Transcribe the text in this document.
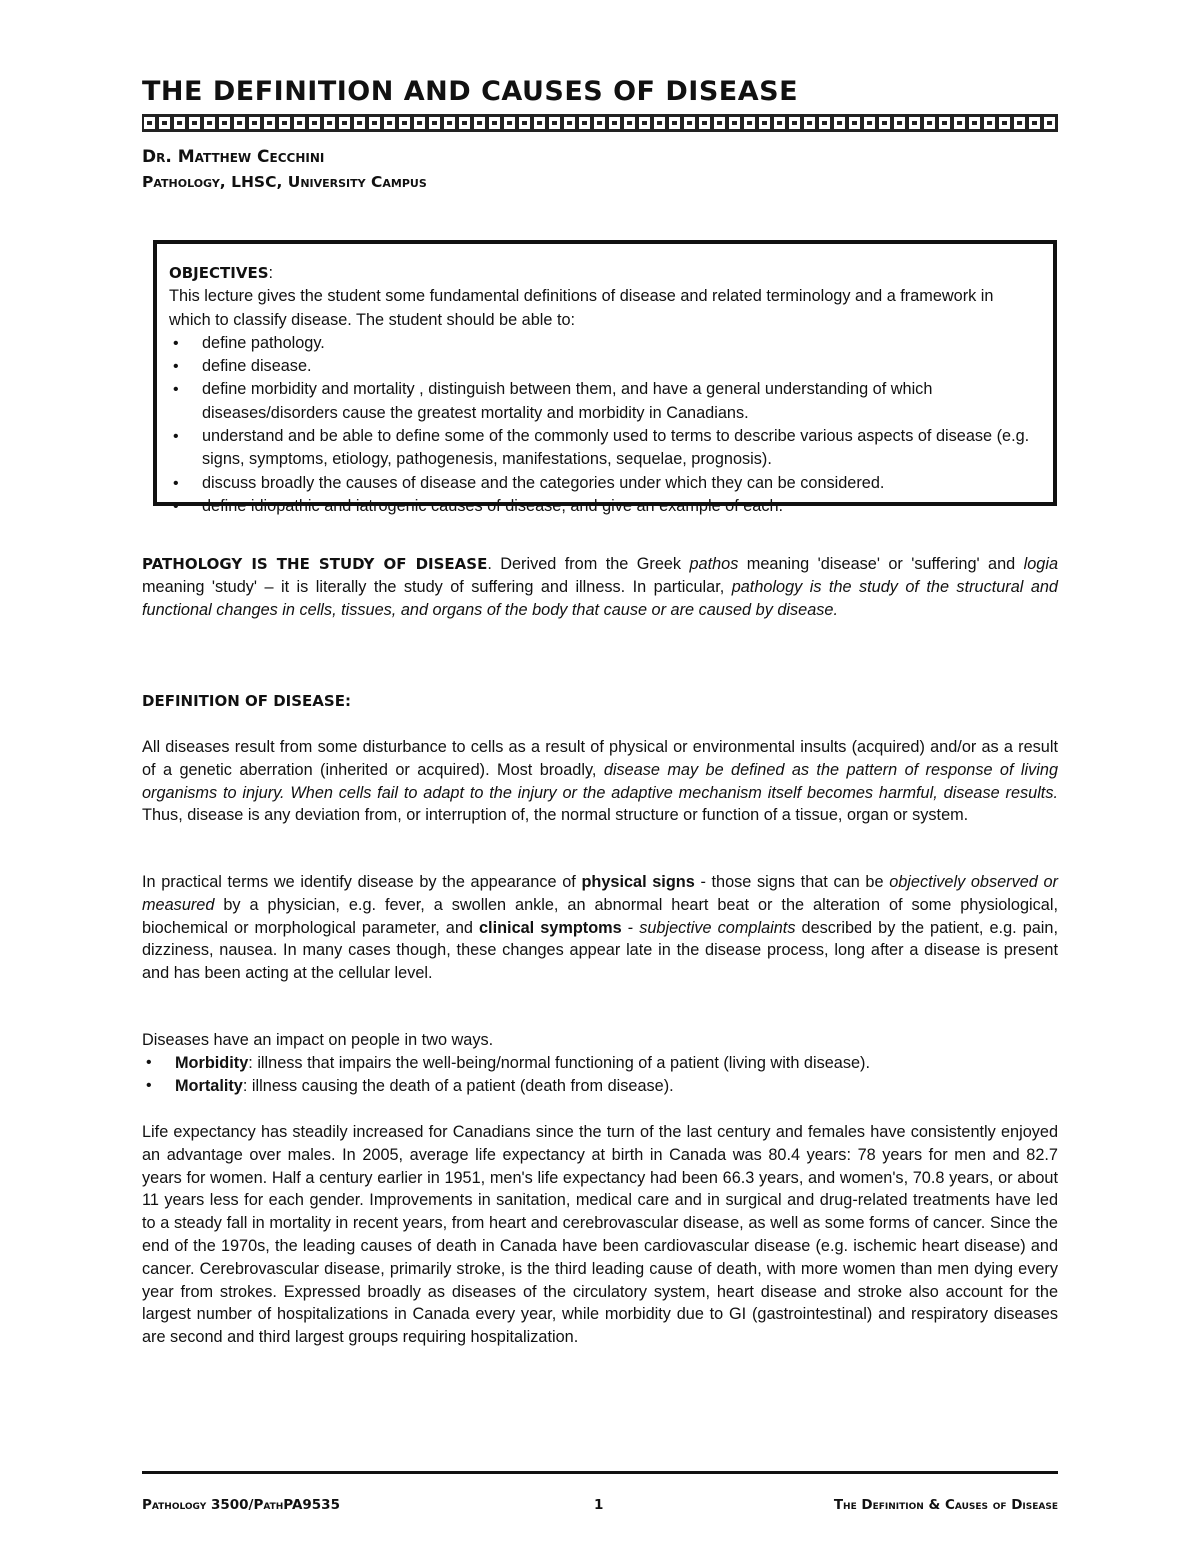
THE DEFINITION AND CAUSES OF DISEASE
Dr. Matthew Cecchini
Pathology, LHSC, University Campus
OBJECTIVES:
This lecture gives the student some fundamental definitions of disease and related terminology and a framework in which to classify disease. The student should be able to:
• define pathology.
• define disease.
• define morbidity and mortality , distinguish between them, and have a general understanding of which diseases/disorders cause the greatest mortality and morbidity in Canadians.
• understand and be able to define some of the commonly used to terms to describe various aspects of disease (e.g. signs, symptoms, etiology, pathogenesis, manifestations, sequelae, prognosis).
• discuss broadly the causes of disease and the categories under which they can be considered.
• define idiopathic and iatrogenic causes of disease, and give an example of each.

PATHOLOGY IS THE STUDY OF DISEASE. Derived from the Greek pathos meaning 'disease' or 'suffering' and logia meaning 'study' – it is literally the study of suffering and illness. In particular, pathology is the study of the structural and functional changes in cells, tissues, and organs of the body that cause or are caused by disease.

DEFINITION OF DISEASE:

All diseases result from some disturbance to cells as a result of physical or environmental insults (acquired) and/or as a result of a genetic aberration (inherited or acquired). Most broadly, disease may be defined as the pattern of response of living organisms to injury. When cells fail to adapt to the injury or the adaptive mechanism itself becomes harmful, disease results. Thus, disease is any deviation from, or interruption of, the normal structure or function of a tissue, organ or system.

In practical terms we identify disease by the appearance of physical signs - those signs that can be objectively observed or measured by a physician, e.g. fever, a swollen ankle, an abnormal heart beat or the alteration of some physiological, biochemical or morphological parameter, and clinical symptoms - subjective complaints described by the patient, e.g. pain, dizziness, nausea. In many cases though, these changes appear late in the disease process, long after a disease is present and has been acting at the cellular level.

Diseases have an impact on people in two ways.

• Morbidity: illness that impairs the well-being/normal functioning of a patient (living with disease).
• Mortality: illness causing the death of a patient (death from disease).

Life expectancy has steadily increased for Canadians since the turn of the last century and females have consistently enjoyed an advantage over males. In 2005, average life expectancy at birth in Canada was 80.4 years: 78 years for men and 82.7 years for women. Half a century earlier in 1951, men's life expectancy had been 66.3 years, and women's, 70.8 years, or about 11 years less for each gender. Improvements in sanitation, medical care and in surgical and drug-related treatments have led to a steady fall in mortality in recent years, from heart and cerebrovascular disease, as well as some forms of cancer. Since the end of the 1970s, the leading causes of death in Canada have been cardiovascular disease (e.g. ischemic heart disease) and cancer. Cerebrovascular disease, primarily stroke, is the third leading cause of death, with more women than men dying every year from strokes. Expressed broadly as diseases of the circulatory system, heart disease and stroke also account for the largest number of hospitalizations in Canada every year, while morbidity due to GI (gastrointestinal) and respiratory diseases are second and third largest groups requiring hospitalization.

Pathology 3500/PathPA9535	1	The Definition & Causes of Disease
